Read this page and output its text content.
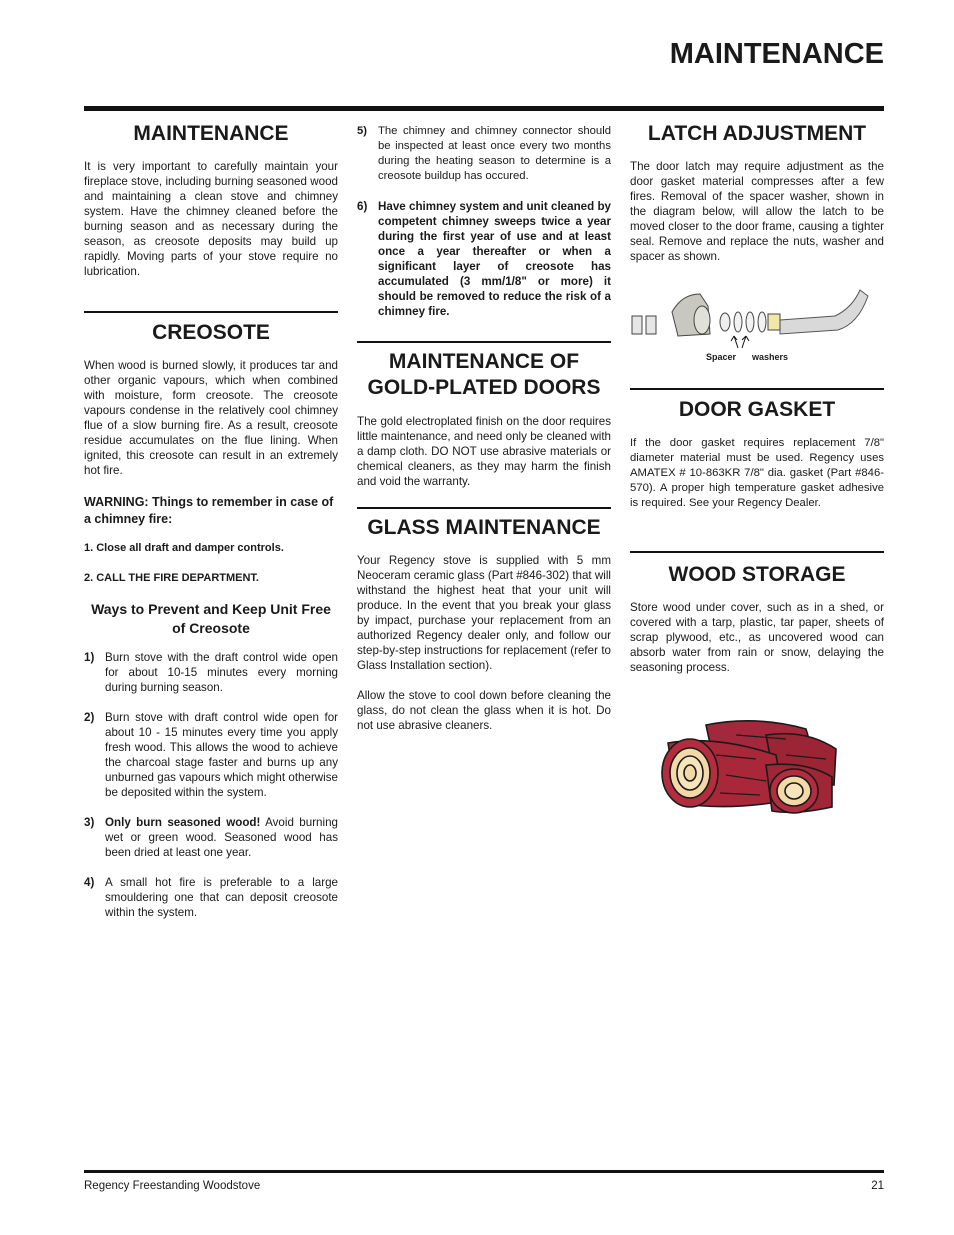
MAINTENANCE
MAINTENANCE

It is very important to carefully maintain your fireplace stove, including burning seasoned wood and maintaining a clean stove and chimney system. Have the chimney cleaned before the burning season and as necessary during the season, as creosote deposits may build up rapidly. Moving parts of your stove require no lubrication.

CREOSOTE

When wood is burned slowly, it produces tar and other organic vapours, which when combined with moisture, form creosote. The creosote vapours condense in the relatively cool chimney flue of a slow burning fire. As a result, creosote residue accumulates on the flue lining. When ignited, this creosote can result in an extremely hot fire.

WARNING: Things to remember in case of a chimney fire:

1. Close all draft and damper controls.
2. CALL THE FIRE DEPARTMENT.
Ways to Prevent and Keep Unit Free of Creosote
1) Burn stove with the draft control wide open for about 10-15 minutes every morning during burning season.
2) Burn stove with draft control wide open for about 10 - 15 minutes every time you apply fresh wood. This allows the wood to achieve the charcoal stage faster and burns up any unburned gas vapours which might otherwise be deposited within the system.
3) Only burn seasoned wood! Avoid burning wet or green wood. Seasoned wood has been dried at least one year.
4) A small hot fire is preferable to a large smouldering one that can deposit creosote within the system.
5) The chimney and chimney connector should be inspected at least once every two months during the heating season to determine is a creosote buildup has occured.
6) Have chimney system and unit cleaned by competent chimney sweeps twice a year during the first year of use and at least once a year thereafter or when a significant layer of creosote has accumulated (3 mm/1/8" or more) it should be removed to reduce the risk of a chimney fire.
MAINTENANCE OF GOLD-PLATED DOORS

The gold electroplated finish on the door requires little maintenance, and need only be cleaned with a damp cloth. DO NOT use abrasive materials or chemical cleaners, as they may harm the finish and void the warranty.

GLASS MAINTENANCE

Your Regency stove is supplied with 5 mm Neoceram ceramic glass (Part #846-302) that will withstand the highest heat that your unit will produce. In the event that you break your glass by impact, purchase your replacement from an authorized Regency dealer only, and follow our step-by-step instructions for replacement (refer to Glass Installation section).

Allow the stove to cool down before cleaning the glass, do not clean the glass when it is hot. Do not use abrasive cleaners.

LATCH ADJUSTMENT

The door latch may require adjustment as the door gasket material compresses after a few fires. Removal of the spacer washer, shown in the diagram below, will allow the latch to be moved closer to the door frame, causing a tighter seal. Remove and replace the nuts, washer and spacer as shown.

Spacer washers
DOOR GASKET

If the door gasket requires replacement 7/8" diameter material must be used. Regency uses AMATEX # 10-863KR 7/8" dia. gasket (Part #846-570). A proper high temperature gasket adhesive is required. See your Regency Dealer.

WOOD STORAGE

Store wood under cover, such as in a shed, or covered with a tarp, plastic, tar paper, sheets of scrap plywood, etc., as uncovered wood can absorb water from rain or snow, delaying the seasoning process.

Regency Freestanding Woodstove	21
